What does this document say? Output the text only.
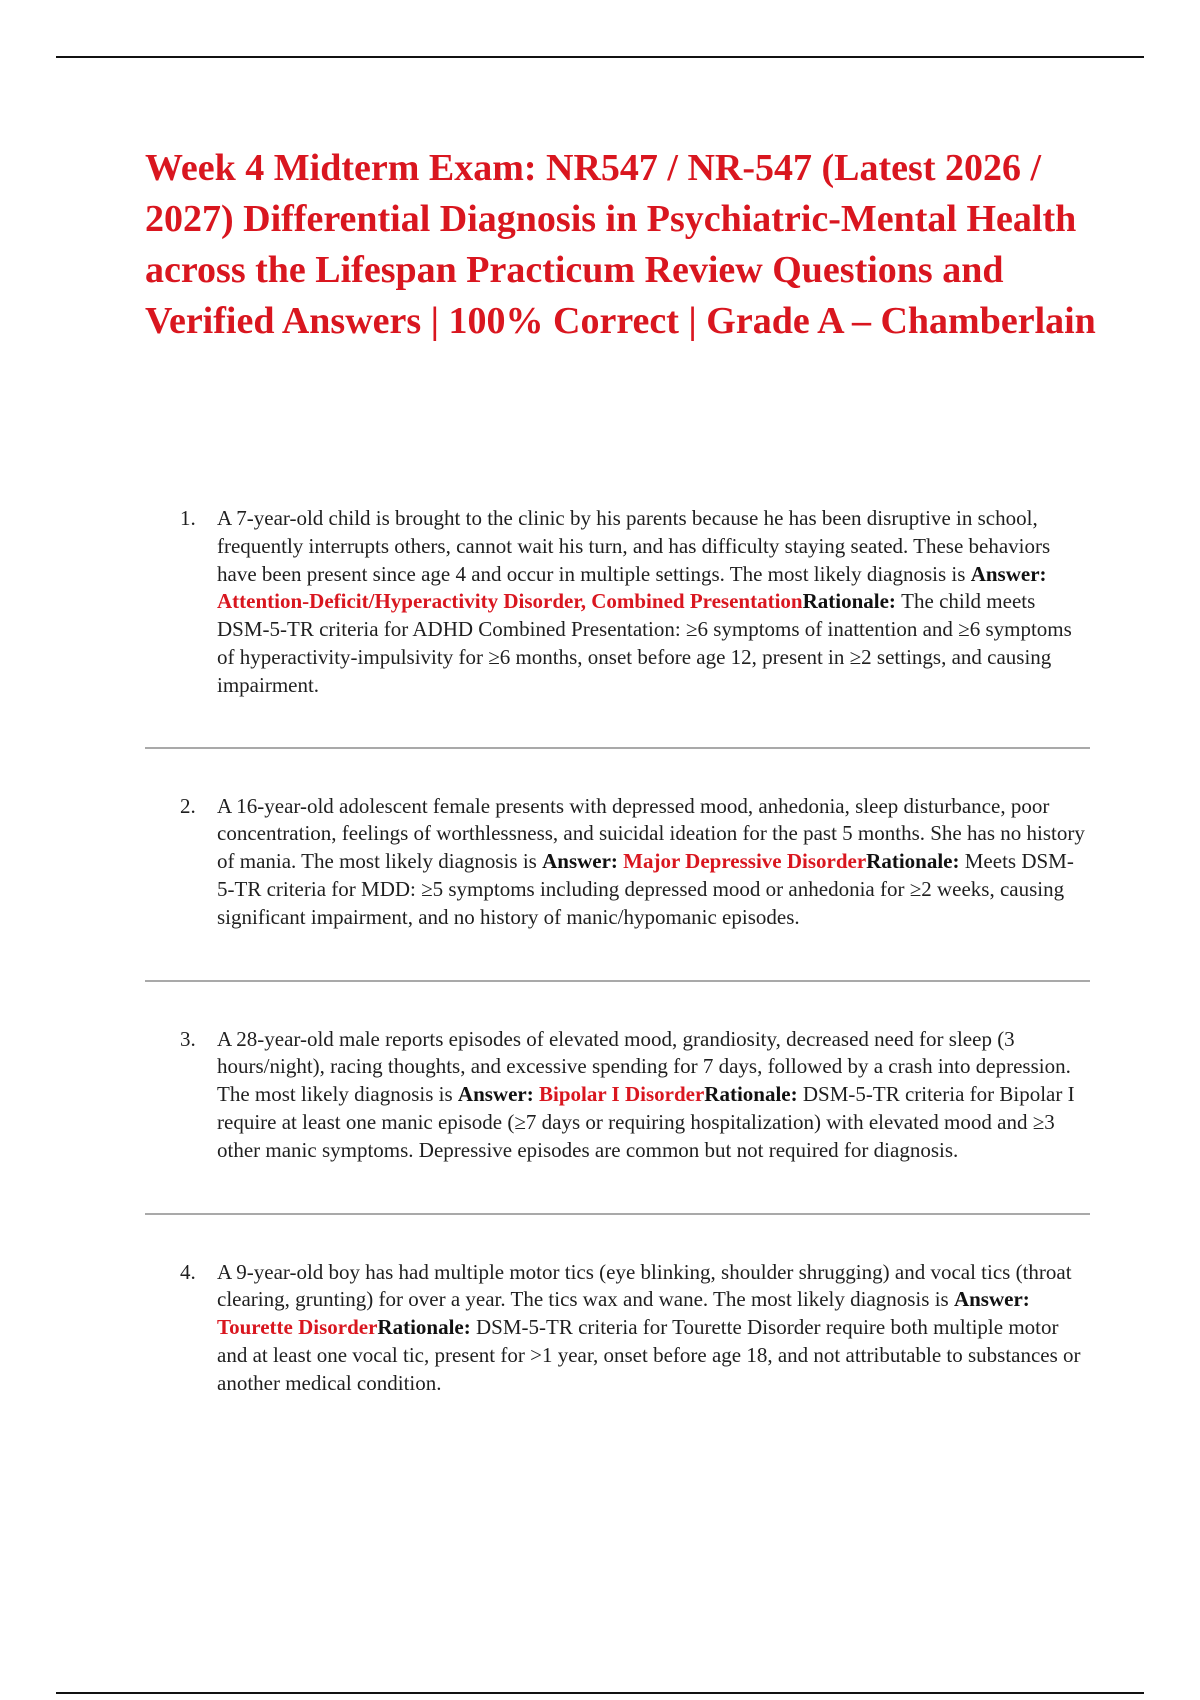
Week 4 Midterm Exam: NR547 / NR-547 (Latest 2026 / 2027) Differential Diagnosis in Psychiatric-Mental Health across the Lifespan Practicum Review Questions and Verified Answers | 100% Correct | Grade A – Chamberlain
1. A 7-year-old child is brought to the clinic by his parents because he has been disruptive in school, frequently interrupts others, cannot wait his turn, and has difficulty staying seated. These behaviors have been present since age 4 and occur in multiple settings. The most likely diagnosis is Answer: Attention-Deficit/Hyperactivity Disorder, Combined PresentationRationale: The child meets DSM-5-TR criteria for ADHD Combined Presentation: ≥6 symptoms of inattention and ≥6 symptoms of hyperactivity-impulsivity for ≥6 months, onset before age 12, present in ≥2 settings, and causing impairment.
2. A 16-year-old adolescent female presents with depressed mood, anhedonia, sleep disturbance, poor concentration, feelings of worthlessness, and suicidal ideation for the past 5 months. She has no history of mania. The most likely diagnosis is Answer: Major Depressive DisorderRationale: Meets DSM-5-TR criteria for MDD: ≥5 symptoms including depressed mood or anhedonia for ≥2 weeks, causing significant impairment, and no history of manic/hypomanic episodes.
3. A 28-year-old male reports episodes of elevated mood, grandiosity, decreased need for sleep (3 hours/night), racing thoughts, and excessive spending for 7 days, followed by a crash into depression. The most likely diagnosis is Answer: Bipolar I DisorderRationale: DSM-5-TR criteria for Bipolar I require at least one manic episode (≥7 days or requiring hospitalization) with elevated mood and ≥3 other manic symptoms. Depressive episodes are common but not required for diagnosis.
4. A 9-year-old boy has had multiple motor tics (eye blinking, shoulder shrugging) and vocal tics (throat clearing, grunting) for over a year. The tics wax and wane. The most likely diagnosis is Answer: Tourette DisorderRationale: DSM-5-TR criteria for Tourette Disorder require both multiple motor and at least one vocal tic, present for >1 year, onset before age 18, and not attributable to substances or another medical condition.
